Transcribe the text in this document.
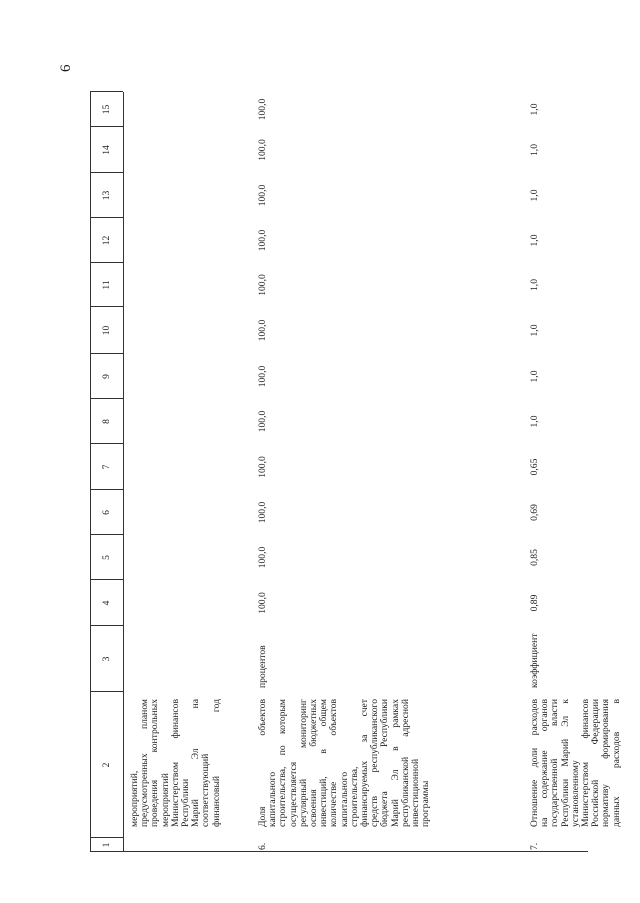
6
1
2
3
4
5
6
7
8
9
10
11
12
13
14
15
мероприятий, предусмотренных планом проведения контрольных мероприятий Министерством финансов Республики Марий Эл на соответствующий финансовый год
6.
Доля объектов капитального строительства, по которым осуществляется регулярный мониторинг освоения бюджетных инвестиций, в общем количестве объектов капитального строительства, финансируемых за счет средств республиканского бюджета Республики Марий Эл в рамках республиканской адресной инвестиционной программы
процентов
100,0
100,0
100,0
100,0
100,0
100,0
100,0
100,0
100,0
100,0
100,0
100,0
7.
Отношение доли расходов на содержание органов государственной власти Республики Марий Эл к установленному Министерством финансов Российской Федерации нормативу формирования данных расходов в
коэффициент
0,89
0,85
0,69
0,65
1,0
1,0
1,0
1,0
1,0
1,0
1,0
1,0
